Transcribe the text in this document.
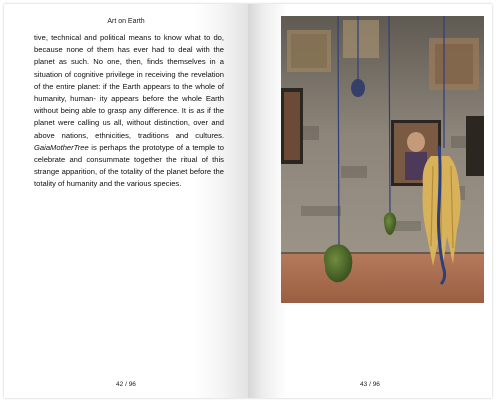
Art on Earth

tive, technical and political means to know what to do, because none of them has ever had to deal with the planet as such. No one, then, finds themselves in a situation of cognitive privilege in receiving the revelation of the entire planet: if the Earth appears to the whole of humanity, human- ity appears before the whole Earth without being able to grasp any difference. It is as if the planet were calling us all, without distinction, over and above nations, ethnicities, traditions and cultures. GaiaMotherTree is perhaps the prototype of a temple to celebrate and consummate together the ritual of this strange apparition, of the totality of the planet before the totality of humanity and the various species.

42 / 96	43 / 96
